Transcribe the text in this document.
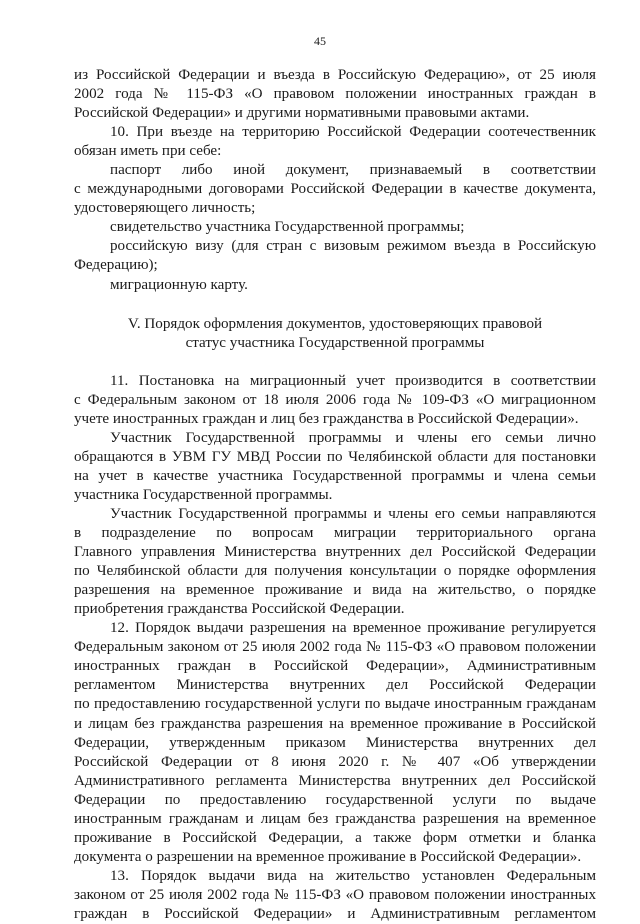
45
из Российской Федерации и въезда в Российскую Федерацию», от 25 июля
2002 года № 115-ФЗ «О правовом положении иностранных граждан в
Российской Федерации» и другими нормативными правовыми актами.
10. При въезде на территорию Российской Федерации соотечественник
обязан иметь при себе:
паспорт либо иной документ, признаваемый в соответствии
с международными договорами Российской Федерации в качестве документа,
удостоверяющего личность;
свидетельство участника Государственной программы;
российскую визу (для стран с визовым режимом въезда в Российскую
Федерацию);
миграционную карту.
V. Порядок оформления документов, удостоверяющих правовой
статус участника Государственной программы
11. Постановка на миграционный учет производится в соответствии
с Федеральным законом от 18 июля 2006 года № 109-ФЗ «О миграционном
учете иностранных граждан и лиц без гражданства в Российской Федерации».
Участник Государственной программы и члены его семьи лично
обращаются в УВМ ГУ МВД России по Челябинской области для постановки
на учет в качестве участника Государственной программы и члена семьи
участника Государственной программы.
Участник Государственной программы и члены его семьи направляются
в подразделение по вопросам миграции территориального органа
Главного управления Министерства внутренних дел Российской Федерации
по Челябинской области для получения консультации о порядке оформления
разрешения на временное проживание и вида на жительство, о порядке
приобретения гражданства Российской Федерации.
12. Порядок выдачи разрешения на временное проживание регулируется
Федеральным законом от 25 июля 2002 года № 115-ФЗ «О правовом положении
иностранных граждан в Российской Федерации», Административным
регламентом Министерства внутренних дел Российской Федерации
по предоставлению государственной услуги по выдаче иностранным гражданам
и лицам без гражданства разрешения на временное проживание в Российской
Федерации, утвержденным приказом Министерства внутренних дел
Российской Федерации от 8 июня 2020 г. № 407 «Об утверждении
Административного регламента Министерства внутренних дел Российской
Федерации по предоставлению государственной услуги по выдаче
иностранным гражданам и лицам без гражданства разрешения на временное
проживание в Российской Федерации, а также форм отметки и бланка
документа о разрешении на временное проживание в Российской Федерации».
13. Порядок выдачи вида на жительство установлен Федеральным
законом от 25 июля 2002 года № 115-ФЗ «О правовом положении иностранных
граждан в Российской Федерации» и Административным регламентом
